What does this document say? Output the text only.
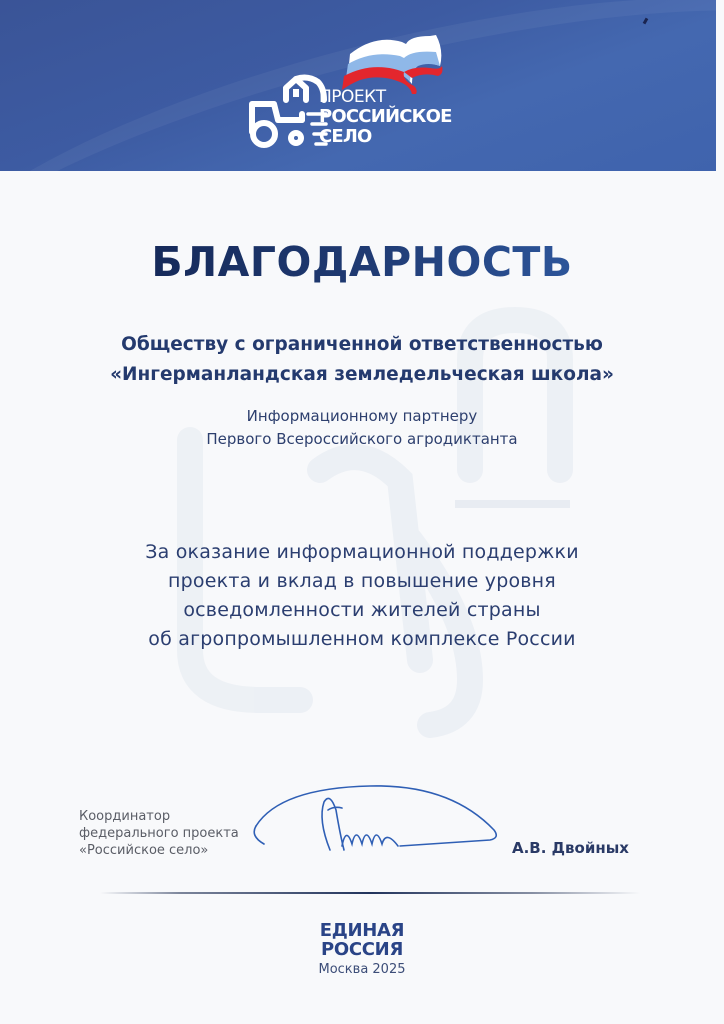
ПРОЕКТ
РОССИЙСКОЕ
СЕЛО
БЛАГОДАРНОСТЬ
Обществу с ограниченной ответственностью
«Ингерманландская земледельческая школа»
Информационному партнеру
Первого Всероссийского агродиктанта
За оказание информационной поддержки
проекта и вклад в повышение уровня
осведомленности жителей страны
об агропромышленном комплексе России
Координатор
федерального проекта
«Российское село»	А.В. Двойных
ЕДИНАЯ
РОССИЯ
Москва 2025
